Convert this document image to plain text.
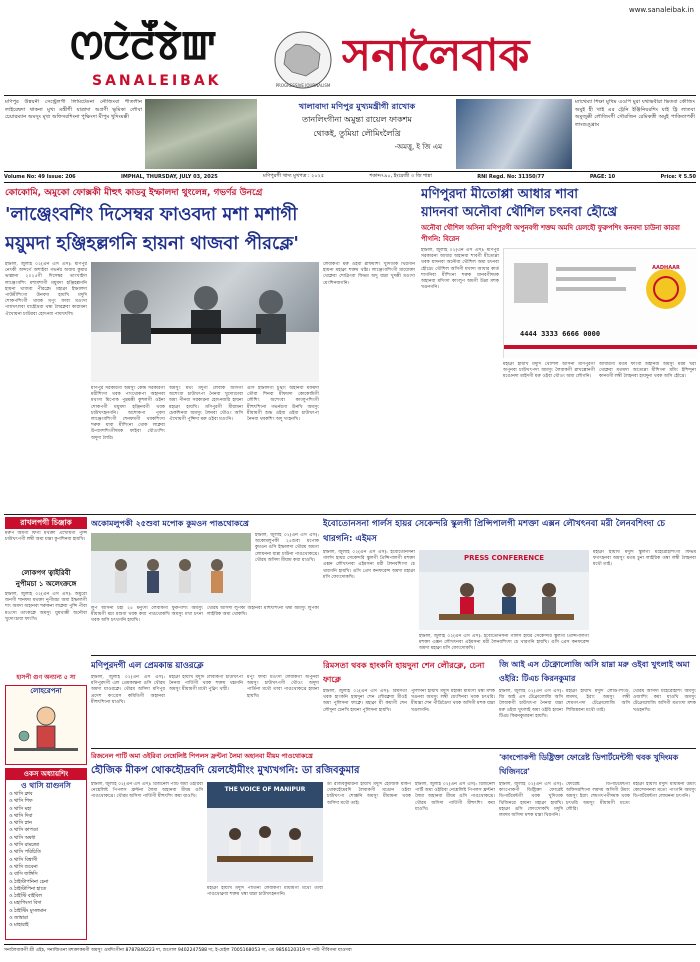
www.sanaleibak.in
ꯁꯅꯥꯂꯩꯕꯥꯛ
SANALEIBAK	PROGRESSIVE JOURNALISM
সনালৈবাক
মণিপুর উন্নয়নী সেন্ট্রেলগী লিমিটেডনা নৌজিংবা শীতলীন লাইরেম্বদা থাকনা মুখ্য মন্ত্রীগী যাত্রাদা অগ্রণী ভূমিকা লৌবা চেয়ারম্যান অমসুং মূখ্য অফিসরশিংনা পুক্ষিংদা মীপুম খুদিংমক্কী
খালাবাদা মণিপুর মুখ্যমন্ত্রীগী রাখোক
তানলিংগীনা অমুন্তা রায়েল ফাকশম
থোকই, তুমিয়া লৌমিংলৈখ্রি
-অমত্তু, ই জি এম
ম্যাথেম্যা শিক্ষা মুখিম এওপি মুরা যথাভবীরা ভিতবা কৌজিং অমুই হী খাই এর ট্রেনি ইঞ্জিনিয়রশিং যাই ট্রি লাতবা অমুজুক্কী লৌজিংগী সৌরজিন রেমিকত্তী অমুই পাকিতাপকী লাংশুঙ্খ্রাম
Volume No: 49 Issue: 206	IMPHAL, THURSDAY, JULY 03, 2025	মণিপুরগী খাদ্য মুখপত্র : ২০২৫	শকাব্দ৭৯০, ইংরেজী ৩ জি শান্না	RNI Regd. No: 31350/77	PAGE: 10	Price: ₹ 5.50
কোকোমি, অমুকো ফোক্সকী মীহুৎ কাডবু ইম্ফালদা থুংলেন্ন, গভর্ণর উনগ্রে
'লাঞ্জেংবশিং দিসেম্বর ফাওবদা মশা মশাগী
ময়ুমদা হঞ্জিহল্লগনি হায়না থাজবা পীরক্লে'
ইম্ফাল, জুলাই ০২(এন এস এস): মণিপুর নেৎকী অন্দর্গে অশাইবা গভর্নর অজয় কুমার ভাল্লানা ২০২৫গী দিসেম্বর তাংখাইদা লাঞ্জেংবশিং মশামশাগী ময়ুমদা হঞ্জিহল্লগনি হায়না থাজবা পীরক্লে। মহাক্না ইম্ফালদা পাউমীশিংগা উনবদা হায়খি মদুদি শোকপশিংগী থাবক মপুং ফাবা মওংদা পায়খৎলবা যাহৌদ্রবা থম্বা লৈরক্লবা কারাবনা ঐখোয়না চাউরবা হোৎনবা পায়খৎলি।
মণিপুর সরকারগী অমসুং কেন্দ্র সরকারগী মরীশিংদা থবক পাংথোকপা অহানবা মথংদা মিপোক পুম্নমক্কী কুশলগী ওইনা শোকপগী ময়ুমদা হঞ্জিনবগী থবক চাউখৎহনগনি। অশোকপা পূবদা লাঞ্জেংবশিংগী শেনফমগী থবকশিংদা শরুক য়াবা মীশিংনা থোক লাক্লবা উপদেশশিংগীদমক ফাইবা থৌওংশিং অদুদা লৈরি।
অমসুং মথং মদুগী লৈবাক অসিগী অশেংবা চাউখৎপা নৈনবা খুদোংচাবা অমা পীনবা সরকারনা হোৎনজরি হায়না মহাক্না হায়খি। মণিপুরগী মীয়ামনা চেকশিনবা অমসুং লৈনবা থৌওং অসি ঐখোয়গী পুন্সিদা মরু ওইবা মওংনি।
ঙসি ইম্ফালগী চুম্থাং অহানবা মফমদা তৌবা শিনবা মীফমদা কোকোমিগী লৌশিং অশেংবা কাংলুপশিংগী মীহুৎশিংনা গভর্নরগা উনখি অমসুং মীয়ামগী শুদ্ধ ওইবা ওইবা চাউখৎপা নৈনবা থবকশিং অদু খংহনখি।
লৈবাকগী মরু ওইবা ৱাফমশিং খুদিংমক থিরগনি হায়না মহাক্না শক্তম থম্লি। লাঞ্জেংবশিংগী মায়োক্তা থোক্লবা শোক্নিংবা ফিভম অদু য়াম্না খুদক্কী মওংদা য়েংশিনজগনি।
মণিপুরদা মীতোপ্পা আধার শাবা
য়াদনবা অনৌবা থৌশিল চৎনবা হৌখ্রে
অনৌবা থৌশিল অসিনা মণিপুরগী অপুনবগী শক্তম অমদি য়েলহৌ ফুরুপশিং কনবদা চাউনা কারবা পীগনি: বিরেন
ইম্ফাল, জুলাই ০২(এন এস এস): মণিপুর সরকারনা আধার অহানবা শাবগী মীতোপ্পা থবক য়াদনবা অনৌবা থৌশিল অমা চৎনবা হৌখ্রে। থৌশিল অসিগী মখাদা আধার কার্ড শাগনিবা মীশিংনা শরুক য়ানবগীদমক অহানবা মদিংদা কাংলুপ অমগী উপ্পা মশক খঙনগনি।
AADHAAR
4444 3333 6666 0000
মহাক্না হায়খি মদুদি থৌশিল অসিনা মণিপুরগী অপুনবা চাউখৎপদা অমসুং লৈবাকগী ৱাখল্লোনগী মঙোনদা খ্বাইদগী মরু ওইবা থৌওং অমা লৌগনি।
আধারগী মতম ফাংবা অহানবা অমসুং মরম খরা থোক্লবা মতমদা অতোপ্পা মীশিংনা মমিং ইশিন্দুনা কানবগী লম্বী লৈহনবা হায়দুনা থবক অসি হৌখ্রে।
রাখলপগী চিঞ্জাক
মরুপ অমগী ফিগী মথক্তা ঐখোয়গী পুন্সি চাউখৎপগী লম্বী অমা য়াম্না কুপশিনবা হায়খি।
লোকপগ ত্বাইরিবী
নুপীমচা ১ অলেংক্রঙ্গে
ইম্ফাল, জুলাই ০২(এন এস এস): অমুরো জনগী শানফম মথক্তা নুপীমচা অমা ইম্ফালগী শাং অমদা অহানবা শরুকনা লাক্লবা পুন্সি পীবা মওংদা তাংকক্লে অমসুং য়ুমথাক্কী অনৌবা খুদোংচাবা ফাংখি।
হাসপী গুণ অন্যান্য ৫ সা
লোহরেপনা
ওকস অধ্যায়শিং
ও থাসি য়াগুনসি
ও থাসি ক্লাব
ও থাসি শিফ
ও থাসি মহা
ও থাসি দিবা
ও থাসি স্নান
ও থাসি কাপণ্ডা
ও থাসি অষধা
ও থাসি রামচন্দ্রা
ও থাসি পরিচিতি
ও থাসি বিশ্বাসী
ও থাসি শুবেনা
ও বাসি জঙ্গিসি
ও ঠাইস্টাপনিনা চেনা
ও ঠাইস্টাপিনা হাতে
ও ঠাইস্টি বাইবিল
ও মহাপিংসা বিদা
ও ঠাইস্টিং মুসলমান
ও জাম্বারা
ও মাহারাই
অকোমলুপকী ২৫শুবা মপোক কুমওন পাঙথোকখ্রে
ইম্ফাল, জুলাই ০২(এন এস এস): অকোমলুপকী ২৫শুবা মপোক কুমওন ঙসি ইম্ফালদা থৌরম অমগা লোয়ননা য়াম্না চাউনা পাঙথোকখ্রে। থৌরম অসিদা মীয়াম কয়া য়াওখি।
লুপ অসিনা চহী ২৫ মনুংদা লৈবাকগী ফুরুপশিং অমসুং মীয়ামগী মচা মশুবা থবক কয়া পাঙথোকখি অমসুং মখা চৎনা থবক অসি চৎথগনি হায়খি।
থৌরম অসিদা লুপকী অহানবা মীহুৎশিংনা থম্বা অমসুং লুপকী লাইরিক অমা থোকখি।
ইবোতোনসনা গার্লস হায়র সেকেন্দরি স্কুলগী প্রিন্সিপালগী মশক্তা এক্সন লৌখৎনবা মরী লৈনবশিংদা চে থারগনি: এইমস
ইম্ফাল, জুলাই ০২(এন এস এস): ইবোতোনসনা গার্লস হায়র সেকেন্দরি স্কুলগী প্রিন্সিপালগী মশক্তা এক্সন লৌখৎনবা এইমসনা মরী লৈনবশিংদা চে থারগনি হায়খি। ঙসি প্রেস কনফরেন্স অমদা মহাক্না মসি ফোংদোকখি।
PRESS CONFERENCE
মহাক্না হায়খি মদুদি স্কুলগী মহৈরোইশিংগী ফিভম ফগৎহনবা অমসুং মতম চুনা লাইরিক তম্বা লম্বী লৈহনবা মথৌ তাই।
ইম্ফাল, জুলাই ০২(এন এস এস): ইবোতোনসনা গার্লস হায়র সেকেন্দরি স্কুলগী প্রিন্সিপালগী মশক্তা এক্সন লৌখৎনবা এইমসনা মরী লৈনবশিংদা চে থারগনি হায়খি। ঙসি প্রেস কনফরেন্স অমদা মহাক্না মসি ফোংদোকখি।
মণিপুরদগী এল প্রেমকান্ত য়াওরক্লে
ইম্ফাল, জুলাই ০২(এন এস এস): মণিপুরদগী এল প্রেমকান্তনা ঙসি থৌরম অমদা য়াওরক্লে। থৌরম অসিদা মণিপুর প্রদেশ কংগ্রেস কমিতিগী অহানবা মীহুৎশিংনা য়াওখি।
মহাক্না হায়খি মদুদি লৈবাকগী চাউখৎপা নৈনবা পার্তিগী থবক শক্তম থম্লগনি অমসুং মীয়ামগী মথৌ পুক্নিং থম্মী।
মপুং ফাবা মওংদা লৈবাকগী অপুনবা অমসুং চাউখৎপগী থৌওং অদুদা পার্তিনা মথৌ তাবা পাঙথোকখ্রে হায়না হায়খি।
রিমসতা থবক হাংকনি হায়দুনা শেন লৌরক্লে, চেনা ফাক্লে
ইম্ফাল, জুলাই ০২(এন এস এস): রিমসতা থবক হাংকনি হায়দুনা শেন লৌরক্লবা মীওই অমা পুলিসনা ফাক্লে। মহাক্না মী কয়াগী শেন লৌদুনা চেনখি হায়না পুলিসনা হায়খি।
পুলিসনা হায়খি মদুদি মহাক্কী মমিংদা থম্বা মশক খঙনবা অমসুং লম্বী য়েংশিনবা থবক চৎথরি। মীয়াম্না শেন পীদ্রিঙৈদা থবক অসিগী মশক য়াম্না খঙলগনি।
জি আই এস টেক্নোলোজি অসি য়াম্না মরু ওইবা খুৎলাই অমা ওইরি: টিএচ কিরনকুমার
ইম্ফাল, জুলাই ০২(এন এস এস): জি আই এস টেক্নোলোজি অসি লৈবাকগী চাউখৎপা নৈনবা য়াম্না মরু ওইবা খুৎলাই অমা ওইরি হায়না টিএচ কিরনকুমারনা হায়খি।
মহাক্না হায়খি মদুদি লৌউ-শিংউ, লমদম, ইরাং অমসুং লম্বী শেমগৎপদা টেক্নোলোজি অসি শিজিন্নবনা মথৌ তাই।
থৌরম অসিদা মহৈরোইশিং অমসুং ওজাশিং কয়া য়াওখি অমসুং টেক্নোলোজি অসিগী মতাংদা মশক খঙহনখি।
রিজনেল পার্টি অমা ওইরিবা নেশ্নেলিষ্ট পিপলস ফ্রন্টনা লৈমা অহানবা মীয়ম পাওথোকখ্রে
হৌজিক মীকপ থোকহৌদ্রবদি য়েলহৌমীংং মুখ্যখগনি: ডা রজিবকুমার
ইম্ফাল, জুলাই ০২(এন এস এস): রিজনেল পার্টি অমা ওইরিবা নেশ্নেলিষ্ট পিপলস ফ্রন্টনা লৈমা অহানবা মীয়ম ঙসি পাঙথোকখ্রে। থৌরম অসিদা পার্তিগী মীহুৎশিং কয়া য়াওখি।
THE VOICE OF MANIPUR
ডা রজিবকুমারনা হায়খি মদুদি হৌজিক মীকপ থোকহৌদ্রবদি লৈবাকগী মঙোন ওইবা চাউখৎপা শোক্কনি অমসুং মীয়ামনা থবক অসিদা মথৌ তাই।
মহাক্না হায়খি মদুদি পার্তিনা লৈবাকগী মীয়ামগী মথৌ তাবা পাঙথোক্নবা শক্তম থম্বা য়াম্না চাউখৎহনগনি।
ইম্ফাল, জুলাই ০২(এন এস এস): রিজনেল পার্টি অমা ওইরিবা নেশ্নেলিষ্ট পিপলস ফ্রন্টনা লৈমা অহানবা মীয়ম ঙসি পাঙথোকখ্রে। থৌরম অসিদা পার্তিগী মীহুৎশিং কয়া য়াওখি।
'কাংপোকপী ডিষ্ট্রিক্তা ফোরেষ্ট ডিপার্টমেন্টগী থবক খুদিংমক থিজিনরে'
ইম্ফাল, জুলাই ০২(এন এস এস): কাংপোকপী ডিষ্ট্রিক্তা ফোরেষ্ট ডিপার্টমেন্টগী থবক খুদিংমক থিজিনরে হায়না মহাক্না হায়খি। মহাক্না ঙসি ফোংদোকখি মদুদি লমদম অসিদা মশক য়াম্না থিরগনি।
ফোরেষ্ট ডিপার্টমেন্টগী অফিসরশিংনা লমদম অসিগী উমাং অমসুং ইরাং শেমগৎপগীদমক থবক চৎথরি অমসুং মীয়ামগী মতেং লৌরি।
মহাক্না হায়খি মদুদি মীয়ামনা উমাং কোন্দোননবা মতেং পাংগনি অমসুং ডিপার্টমেন্টগা লোয়ননা চৎগনি।
সনালৈবাকগী শ্রী এইচ, সনাজিতনা মশক্তাকমগী অমসুং ওমদিংগীনা 8787846223 দা, শুগোল 9402247588 দা, ই-মেইল 7005168053 দা, এম 9856120319 দা পাউ পীবিগনা য়াওদবা
